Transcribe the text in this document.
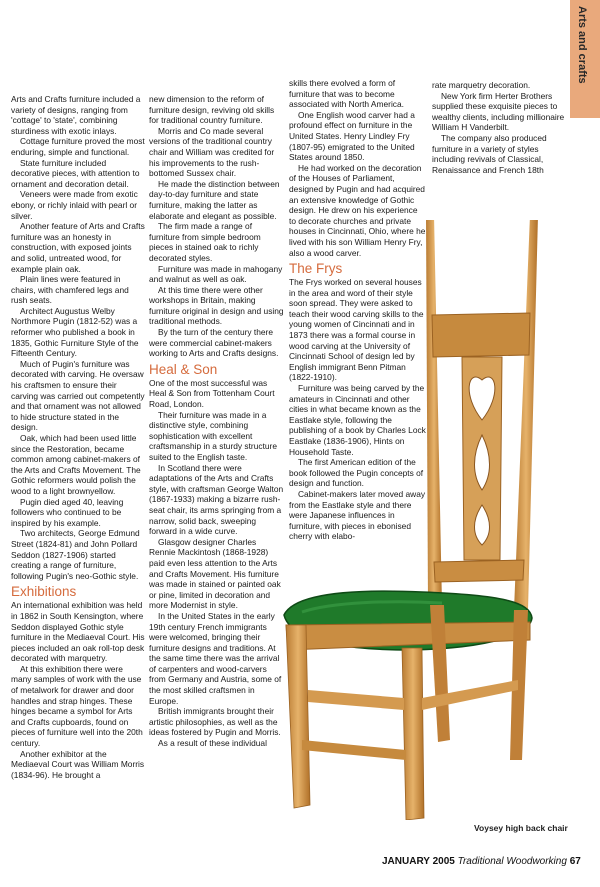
Arts and crafts

Arts and Crafts furniture included a variety of designs, ranging from 'cottage' to 'state', combining sturdiness with exotic inlays.

Cottage furniture proved the most enduring, simple and functional.

State furniture included decorative pieces, with attention to ornament and decoration detail.

Veneers were made from exotic ebony, or richly inlaid with pearl or silver.

Another feature of Arts and Crafts furniture was an honesty in construction, with exposed joints and solid, untreated wood, for example plain oak.

Plain lines were featured in chairs, with chamfered legs and rush seats.

Architect Augustus Welby Northmore Pugin (1812-52) was a reformer who published a book in 1835, Gothic Furniture Style of the Fifteenth Century.

Much of Pugin's furniture was decorated with carving. He oversaw his craftsmen to ensure their carving was carried out competently and that ornament was not allowed to hide structure stated in the design.

Oak, which had been used little since the Restoration, became common among cabinet-makers of the Arts and Crafts Movement. The Gothic reformers would polish the wood to a light brownyellow.

Pugin died aged 40, leaving followers who continued to be inspired by his example.

Two architects, George Edmund Street (1824-81) and John Pollard Seddon (1827-1906) started creating a range of furniture, following Pugin's neo-Gothic style.

Exhibitions

An international exhibition was held in 1862 in South Kensington, where Seddon displayed Gothic style furniture in the Mediaeval Court. His pieces included an oak roll-top desk decorated with marquetry.

At this exhibition there were many samples of work with the use of metalwork for drawer and door handles and strap hinges. These hinges became a symbol for Arts and Crafts cupboards, found on pieces of furniture well into the 20th century.

Another exhibitor at the Mediaeval Court was William Morris (1834-96). He brought a

new dimension to the reform of furniture design, reviving old skills for traditional country furniture.

Morris and Co made several versions of the traditional country chair and William was credited for his improvements to the rush-bottomed Sussex chair.

He made the distinction between day-to-day furniture and state furniture, making the latter as elaborate and elegant as possible.

The firm made a range of furniture from simple bedroom pieces in stained oak to richly decorated styles.

Furniture was made in mahogany and walnut as well as oak.

At this time there were other workshops in Britain, making furniture original in design and using traditional methods.

By the turn of the century there were commercial cabinet-makers working to Arts and Crafts designs.

Heal & Son

One of the most successful was Heal & Son from Tottenham Court Road, London.

Their furniture was made in a distinctive style, combining sophistication with excellent craftsmanship in a sturdy structure suited to the English taste.

In Scotland there were adaptations of the Arts and Crafts style, with craftsman George Walton (1867-1933) making a bizarre rush-seat chair, its arms springing from a narrow, solid back, sweeping forward in a wide curve.

Glasgow designer Charles Rennie Mackintosh (1868-1928) paid even less attention to the Arts and Crafts Movement. His furniture was made in stained or painted oak or pine, limited in decoration and more Modernist in style.

In the United States in the early 19th century French immigrants were welcomed, bringing their furniture designs and traditions. At the same time there was the arrival of carpenters and wood-carvers from Germany and Austria, some of the most skilled craftsmen in Europe.

British immigrants brought their artistic philosophies, as well as the ideas fostered by Pugin and Morris.

As a result of these individual

skills there evolved a form of furniture that was to become associated with North America.

One English wood carver had a profound effect on furniture in the United States. Henry Lindley Fry (1807-95) emigrated to the United States around 1850.

He had worked on the decoration of the Houses of Parliament, designed by Pugin and had acquired an extensive knowledge of Gothic design. He drew on his experience to decorate churches and private houses in Cincinnati, Ohio, where he lived with his son William Henry Fry, also a wood carver.

The Frys

The Frys worked on several houses in the area and word of their style soon spread. They were asked to teach their wood carving skills to the young women of Cincinnati and in 1873 there was a formal course in wood carving at the University of Cincinnati School of design led by English immigrant Benn Pitman (1822-1910).

Furniture was being carved by the amateurs in Cincinnati and other cities in what became known as the Eastlake style, following the publishing of a book by Charles Lock Eastlake (1836-1906), Hints on Household Taste.

The first American edition of the book followed the Pugin concepts of design and function.

Cabinet-makers later moved away from the Eastlake style and there were Japanese influences in furniture, with pieces in ebonised cherry with elabo-

rate marquetry decoration.

New York firm Herter Brothers supplied these exquisite pieces to wealthy clients, including millionaire William H Vanderbilt.

The company also produced furniture in a variety of styles including revivals of Classical, Renaissance and French 18th

Voysey high back chair
JANUARY 2005 Traditional Woodworking 67
